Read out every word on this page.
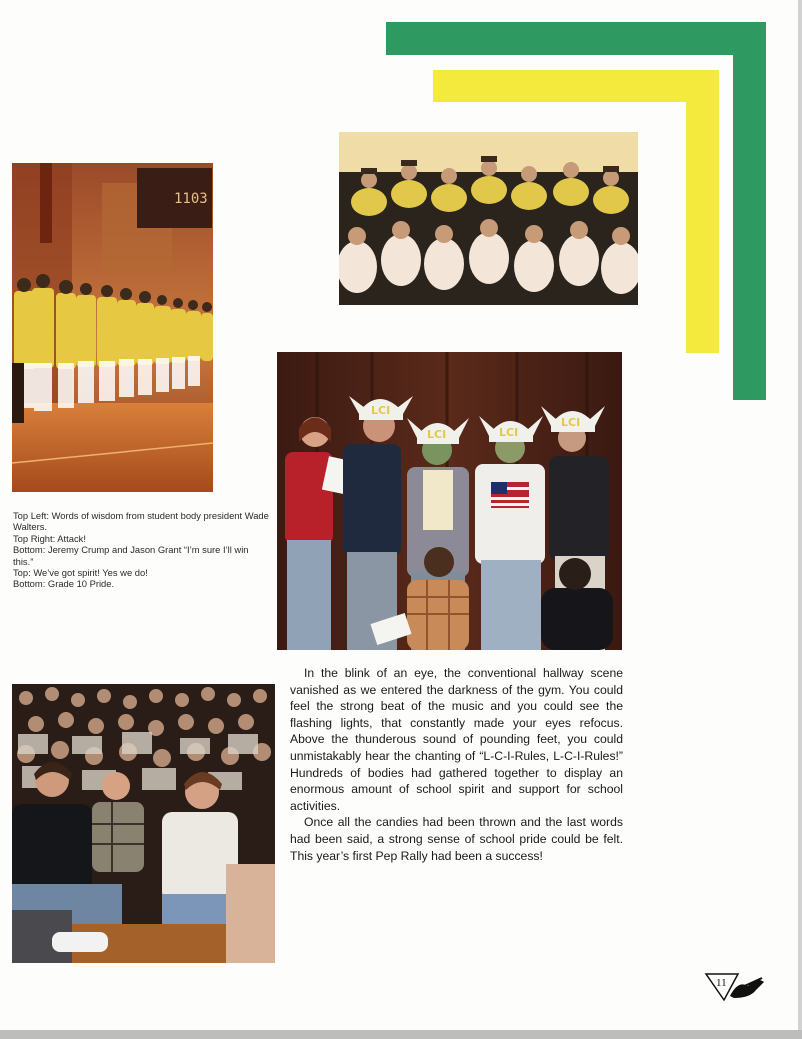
1103
LCI
LCI	LCI
LCI

Top Left: Words of wisdom from student body president Wade Walters.

Top Right: Attack!

Bottom: Jeremy Crump and Jason Grant “I’m sure I’ll win this.”

Top: We’ve got spirit! Yes we do!

Bottom: Grade 10 Pride.

In the blink of an eye, the conventional hallway scene vanished as we entered the darkness of the gym. You could feel the strong beat of the music and you could see the flashing lights, that constantly made your eyes refocus. Above the thunderous sound of pounding feet, you could unmistakably hear the chanting of “L-C-I-Rules, L-C-I-Rules!” Hundreds of bodies had gathered together to display an enormous amount of school spirit and support for school activities.

Once all the candies had been thrown and the last words had been said, a strong sense of school pride could be felt. This year’s first Pep Rally had been a success!

11
